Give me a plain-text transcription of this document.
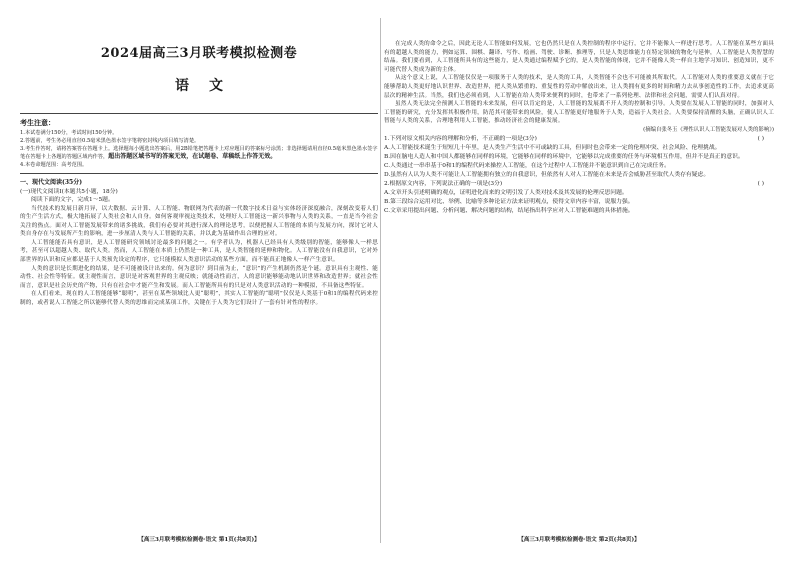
2024届高三3月联考模拟检测卷
语文
考生注意：

1.本试卷满分150分，考试时间150分钟。

2.答题前，考生务必用直径0.5毫米黑色墨水签字笔将密封线内项目填写清楚。

3.考生作答时，请将答案答在答题卡上。选择题每小题选出答案后，用2B铅笔把答题卡上对应题目的答案标号涂黑；非选择题请用直径0.5毫米黑色墨水签字笔在答题卡上各题的答题区域内作答，超出答题区域书写的答案无效，在试题卷、草稿纸上作答无效。

4.本卷命题范围：高考范围。

一、现代文阅读(35分)

(一)现代文阅读Ⅰ(本题共5小题，18分)

阅读下面的文字，完成1～5题。

当代技术的发展日新月异，以大数据、云计算、人工智能、物联网为代表的新一代数字技术日益与实体经济深度融合，深刻改变着人们的生产生活方式，极大地拓展了人类社会和人自身。如何客观审视这类技术，处理好人工智能这一新兴事物与人类的关系，一直是当今社会关注的热点。面对人工智能发展带来的诸多挑战，我们有必要对其进行深入的理论思考，以便把握人工智能的本质与发展方向，探讨它对人类自身存在与发展所产生的影响，进一步厘清人类与人工智能的关系，并以此为基础作出合理的应对。

人工智能能否具有意识，是人工智能研究领域讨论最多的问题之一。有学者认为，机器人已经具有人类级别的智能，能够像人一样思考，甚至可以超越人类、取代人类。然而，人工智能在本质上仍然是一种工具，是人类智能的延伸和物化。人工智能没有自我意识，它对外部世界的认识和反应都是基于人类预先设定的程序，它只能模拟人类意识活动的某些方面，而不能真正地像人一样产生意识。

人类的意识是长期进化的结果，是不可能被设计出来的。何为意识？到目前为止，“意识”的产生机制仍然是个谜。意识具有主观性、能动性、社会性等特征。就主观性而言，意识是对客观世界的主观反映；就能动性而言，人的意识能够能动地认识世界和改造世界；就社会性而言，意识是社会历史的产物，只有在社会中才能产生和发展。而人工智能所具有的只是对人类意识活动的一种模拟，不具备这些特征。

在人们看来，现在的人工智能能够“聪明”，甚至在某些领域比人更“聪明”，其实人工智能的“聪明”仅仅是人类基于0和1的编程代码来控制的，或者说人工智能之所以能够代替人类的思维而完成某项工作，关键在于人类为它们设计了一套有针对性的程序。

【高三3月联考模拟检测卷·语文 第1页(共8页)】

在完成人类的命令之后，因此无论人工智能如何发展，它也仍然只是在人类控制的程序中运行，它并不能像人一样进行思考。人工智能在某些方面具有的超越人类的能力，例如运算、围棋、翻译、写作、绘画、驾驶、诊断、推理等，只是人类思维能力在特定领域的物化与延伸，人工智能是人类智慧的结晶。我们要看到，人工智能所具有的这些能力，是人类通过编程赋予它的，是人类智能的体现，它并不能像人类一样自主地学习知识、创造知识，更不可能代替人类成为新的主体。

从这个意义上说，人工智能仅仅是一项服务于人类的技术，是人类的工具，人类智能不会也不可能被其所取代。人工智能对人类的重要意义就在于它能够帮助人类更好地认识世界、改造世界，把人类从繁重的、重复性的劳动中解放出来，让人类拥有更多的时间和精力去从事创造性的工作，去追求更高层次的精神生活。当然，我们也必须看到，人工智能在给人类带来便利的同时，也带来了一系列伦理、法律和社会问题，需要人们认真对待。

虽然人类无法完全预测人工智能的未来发展，但可以肯定的是，人工智能的发展离不开人类的控制和引导。人类要在发展人工智能的同时，加强对人工智能的研究，充分发挥其积极作用，防范其可能带来的风险，使人工智能更好地服务于人类，造福于人类社会。人类要保持清醒的头脑，正确认识人工智能与人类的关系，合理地利用人工智能，推动经济社会的健康发展。

(摘编自张冬玉《理性认识人工智能发展对人类的影响》)

1.下列对原文相关内容的理解和分析，不正确的一项是(3分)	( )

A.人工智能技术诞生于短短几十年里，是人类生产生活中不可或缺的工具，但同时也会带来一定的伦理冲突、社会风险、伦理挑战。

B.因在脑电人造人和中国人都能够在同样的环境，它能够在同样的环境中，它能够以完成重要的任务与环境相互作用，但并不是真正的意识。

C.人类通过一串串基于0和1的编程代码来操控人工智能，在这个过程中人工智能并不能意识到自己在完成任务。

D.虽然有人认为人类不可能让人工智能拥有独立的自我意识，但依然有人对人工智能在未来是否会威胁甚至取代人类存有疑虑。

2.根据原文内容，下列说法正确的一项是(3分)	( )

A.文章开头引述明确的观点，证明进化而来的文明引发了人类对技术及其发展的伦理反思问题。

B.第三段综合运用对比、举例、比喻等多种论证方法来证明观点，使得文章内容丰富，说服力强。

C.文章采用提出问题、分析问题、解决问题的结构，结尾指出科学应对人工智能难题的具体措施。

【高三3月联考模拟检测卷·语文 第2页(共8页)】
